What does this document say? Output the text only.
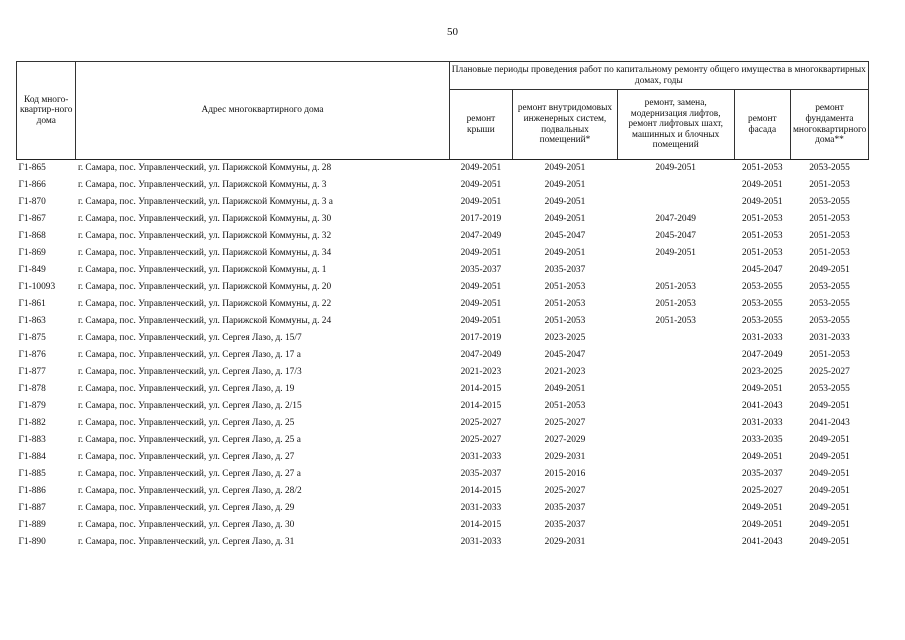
50
Код много-квартир-ного дома	Адрес многоквартирного дома	Плановые периоды проведения работ по капитальному ремонту общего имущества в многоквартирных домах, годы				
		ремонт крыши	ремонт внутридомовых инженерных систем, подвальных помещений*	ремонт, замена, модернизация лифтов, ремонт лифтовых шахт, машинных и блочных помещений	ремонт фасада	ремонт фундамента многоквартирного дома**
Г1-865	г. Самара, пос. Управленческий, ул. Парижской Коммуны, д. 28	2049-2051	2049-2051	2049-2051	2051-2053	2053-2055
Г1-866	г. Самара, пос. Управленческий, ул. Парижской Коммуны, д. 3	2049-2051	2049-2051		2049-2051	2051-2053
Г1-870	г. Самара, пос. Управленческий, ул. Парижской Коммуны, д. 3 а	2049-2051	2049-2051		2049-2051	2053-2055
Г1-867	г. Самара, пос. Управленческий, ул. Парижской Коммуны, д. 30	2017-2019	2049-2051	2047-2049	2051-2053	2051-2053
Г1-868	г. Самара, пос. Управленческий, ул. Парижской Коммуны, д. 32	2047-2049	2045-2047	2045-2047	2051-2053	2051-2053
Г1-869	г. Самара, пос. Управленческий, ул. Парижской Коммуны, д. 34	2049-2051	2049-2051	2049-2051	2051-2053	2051-2053
Г1-849	г. Самара, пос. Управленческий, ул. Парижской Коммуны, д. 1	2035-2037	2035-2037		2045-2047	2049-2051
Г1-10093	г. Самара, пос. Управленческий, ул. Парижской Коммуны, д. 20	2049-2051	2051-2053	2051-2053	2053-2055	2053-2055
Г1-861	г. Самара, пос. Управленческий, ул. Парижской Коммуны, д. 22	2049-2051	2051-2053	2051-2053	2053-2055	2053-2055
Г1-863	г. Самара, пос. Управленческий, ул. Парижской Коммуны, д. 24	2049-2051	2051-2053	2051-2053	2053-2055	2053-2055
Г1-875	г. Самара, пос. Управленческий, ул. Сергея Лазо, д. 15/7	2017-2019	2023-2025		2031-2033	2031-2033
Г1-876	г. Самара, пос. Управленческий, ул. Сергея Лазо, д. 17 а	2047-2049	2045-2047		2047-2049	2051-2053
Г1-877	г. Самара, пос. Управленческий, ул. Сергея Лазо, д. 17/3	2021-2023	2021-2023		2023-2025	2025-2027
Г1-878	г. Самара, пос. Управленческий, ул. Сергея Лазо, д. 19	2014-2015	2049-2051		2049-2051	2053-2055
Г1-879	г. Самара, пос. Управленческий, ул. Сергея Лазо, д. 2/15	2014-2015	2051-2053		2041-2043	2049-2051
Г1-882	г. Самара, пос. Управленческий, ул. Сергея Лазо, д. 25	2025-2027	2025-2027		2031-2033	2041-2043
Г1-883	г. Самара, пос. Управленческий, ул. Сергея Лазо, д. 25 а	2025-2027	2027-2029		2033-2035	2049-2051
Г1-884	г. Самара, пос. Управленческий, ул. Сергея Лазо, д. 27	2031-2033	2029-2031		2049-2051	2049-2051
Г1-885	г. Самара, пос. Управленческий, ул. Сергея Лазо, д. 27 а	2035-2037	2015-2016		2035-2037	2049-2051
Г1-886	г. Самара, пос. Управленческий, ул. Сергея Лазо, д. 28/2	2014-2015	2025-2027		2025-2027	2049-2051
Г1-887	г. Самара, пос. Управленческий, ул. Сергея Лазо, д. 29	2031-2033	2035-2037		2049-2051	2049-2051
Г1-889	г. Самара, пос. Управленческий, ул. Сергея Лазо, д. 30	2014-2015	2035-2037		2049-2051	2049-2051
Г1-890	г. Самара, пос. Управленческий, ул. Сергея Лазо, д. 31	2031-2033	2029-2031		2041-2043	2049-2051
